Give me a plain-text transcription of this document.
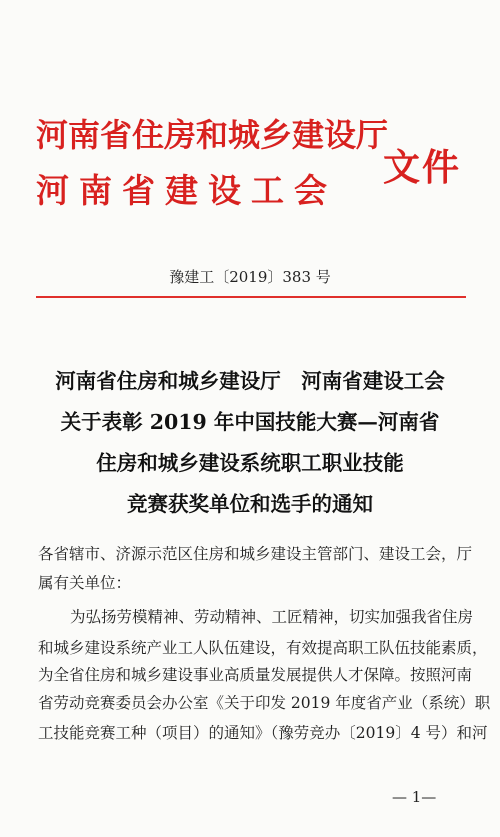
河南省住房和城乡建设厅
河南省建设工会
文件
豫建工〔2019〕383 号
河南省住房和城乡建设厅　河南省建设工会
关于表彰 2019 年中国技能大赛—河南省
住房和城乡建设系统职工职业技能
竞赛获奖单位和选手的通知
各省辖市、济源示范区住房和城乡建设主管部门、建设工会，厅
属有关单位：
为弘扬劳模精神、劳动精神、工匠精神，切实加强我省住房
和城乡建设系统产业工人队伍建设，有效提高职工队伍技能素质，
为全省住房和城乡建设事业高质量发展提供人才保障。按照河南
省劳动竞赛委员会办公室《关于印发 2019 年度省产业（系统）职
工技能竞赛工种（项目）的通知》（豫劳竞办〔2019〕4 号）和河
— 1—
